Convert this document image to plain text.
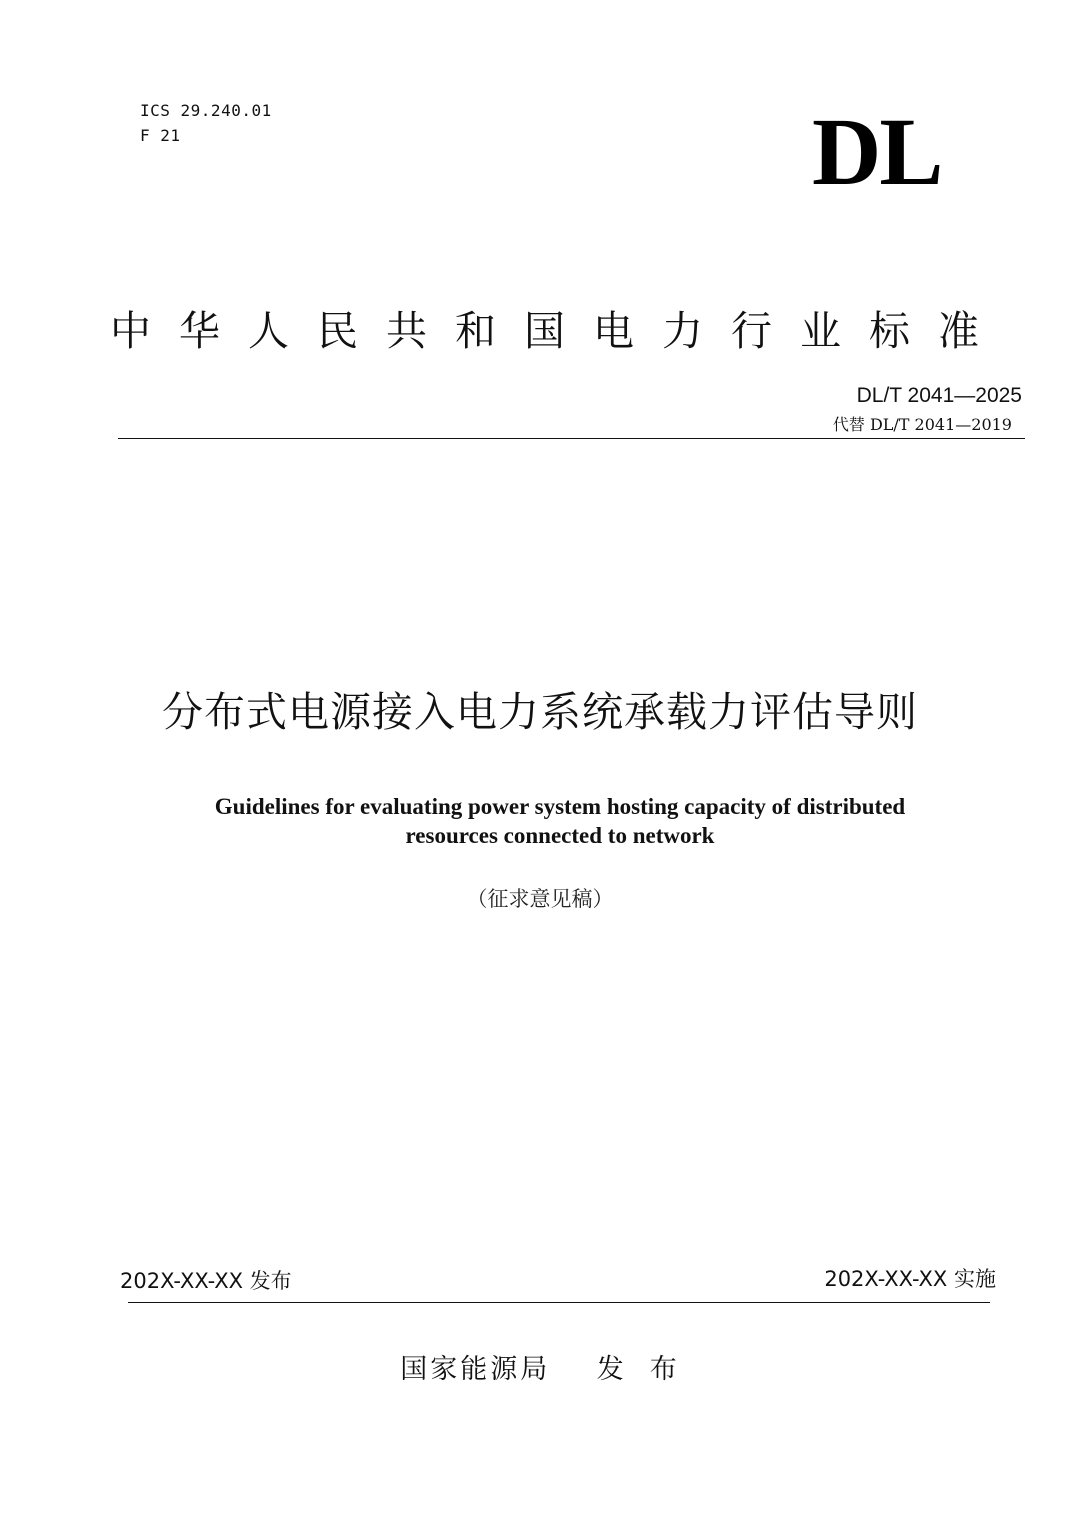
ICS 29.240.01
F 21	DL
中华人民共和国电力行业标准
DL/T 2041—2025
代替 DL/T 2041—2019
分布式电源接入电力系统承载力评估导则
Guidelines for evaluating power system hosting capacity of distributed
resources connected to network
（征求意见稿）
202X-XX-XX 发布	202X-XX-XX 实施
国家能源局    发  布
